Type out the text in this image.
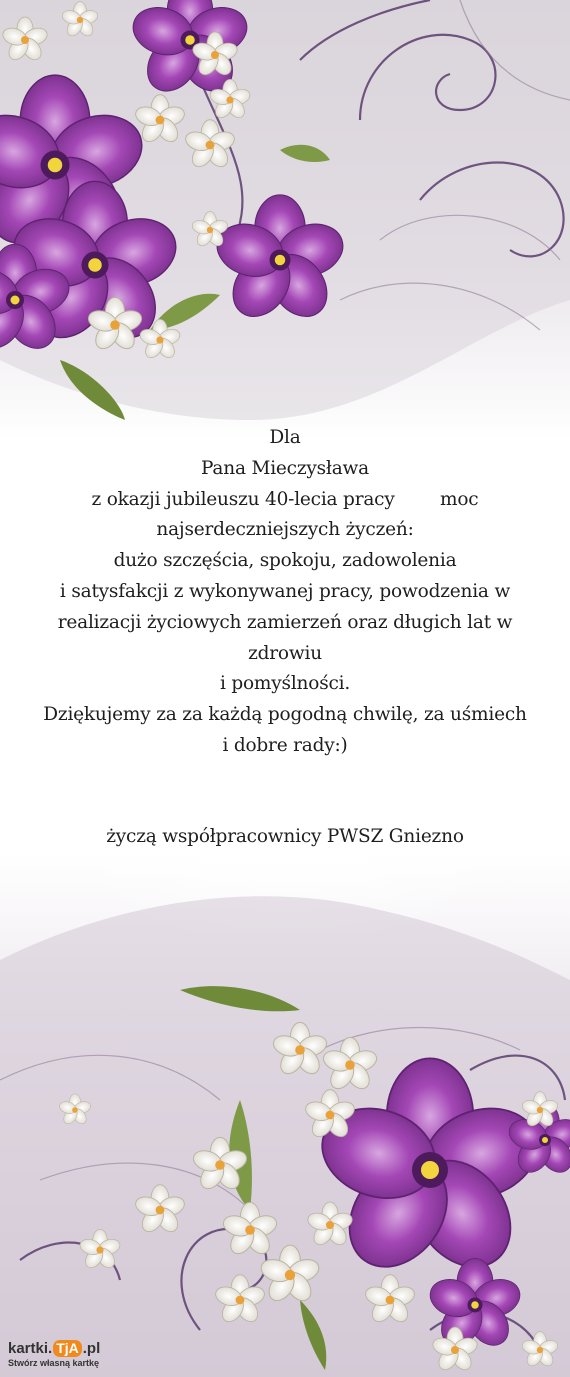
Dla
Pana Mieczysława
z okazji jubileuszu 40-lecia pracy        moc
najserdeczniejszych życzeń:
dużo szczęścia, spokoju, zadowolenia
i satysfakcji z wykonywanej pracy, powodzenia w
realizacji życiowych zamierzeń oraz długich lat w
zdrowiu
i pomyślności.
Dziękujemy za za każdą pogodną chwilę, za uśmiech
i dobre rady:)
życzą współpracownicy PWSZ Gniezno
kartki. TjA .pl
Stwórz własną kartkę
